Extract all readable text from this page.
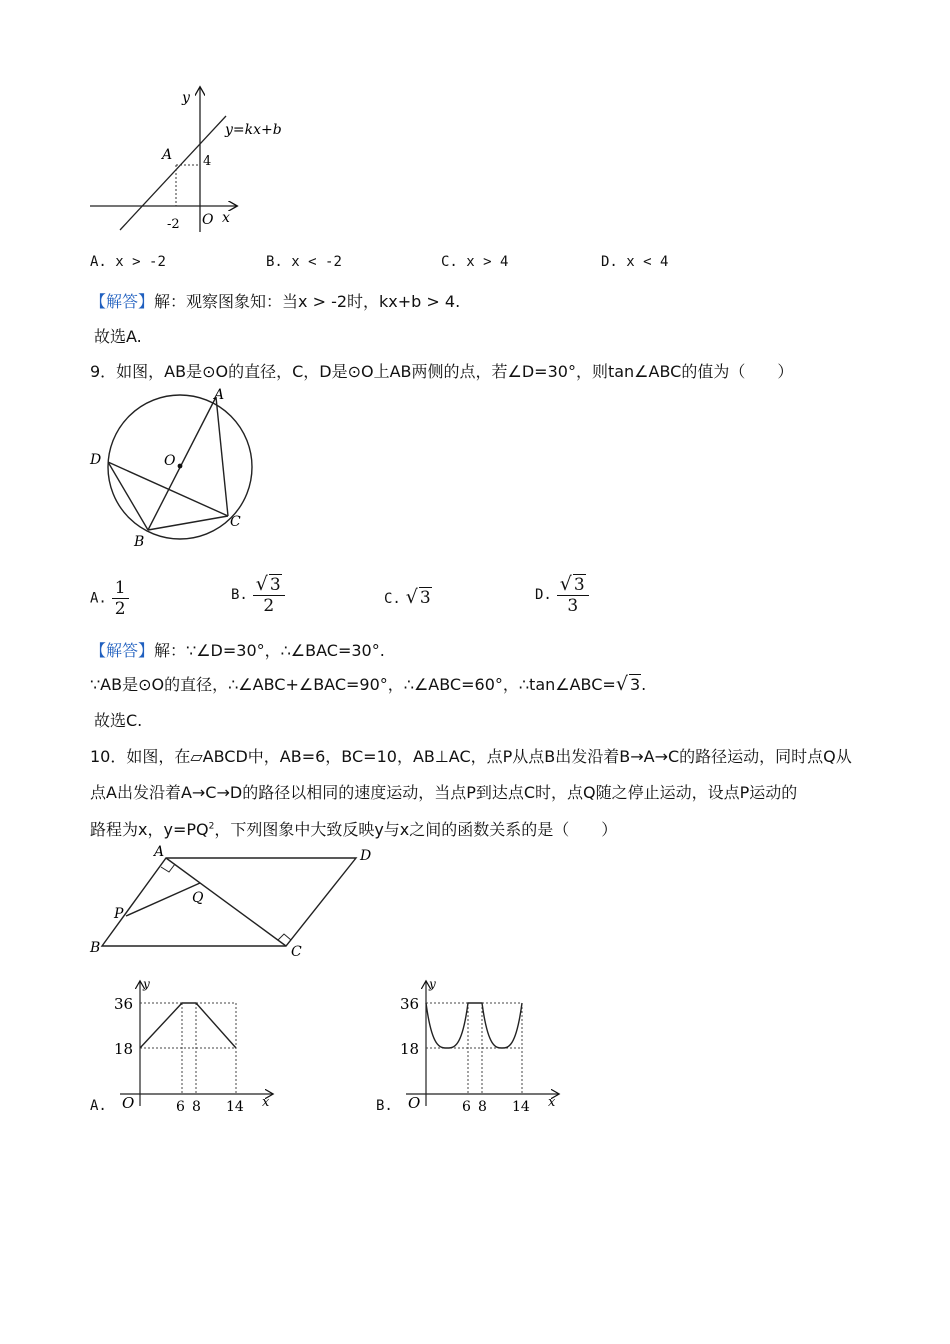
y
y=kx+b
A 4
-2 O x
A. x > -2	B. x < -2	C. x > 4	D. x < 4
【解答】解：观察图象知：当x > -2时，kx+b > 4.
故选A.
9．如图，AB是⊙O的直径，C，D是⊙O上AB两侧的点，若∠D=30°，则tan∠ABC的值为（　　）
A
O
D
C
B
A. $\frac{1}{2}$	B. $\frac{√ 3}{2}$	C. √ 3	D. $\frac{√ 3}{3}$
【解答】解：∵∠D=30°，∴∠BAC=30°.
∵AB是⊙O的直径，∴∠ABC+∠BAC=90°，∴∠ABC=60°，∴tan∠ABC=√ 3.
故选C.
10．如图，在▱ABCD中，AB=6，BC=10，AB⊥AC，点P从点B出发沿着B→A→C的路径运动，同时点Q从
点A出发沿着A→C→D的路径以相同的速度运动，当点P到达点C时，点Q随之停止运动，设点P运动的
路程为x，$y=PQ^2$，下列图象中大致反映y与x之间的函数关系的是（　　）
A	D
P
Q
B	C
y
36
18
O	6 8 14 x
A.
y
36
18
O	6 8 14 x
B.
